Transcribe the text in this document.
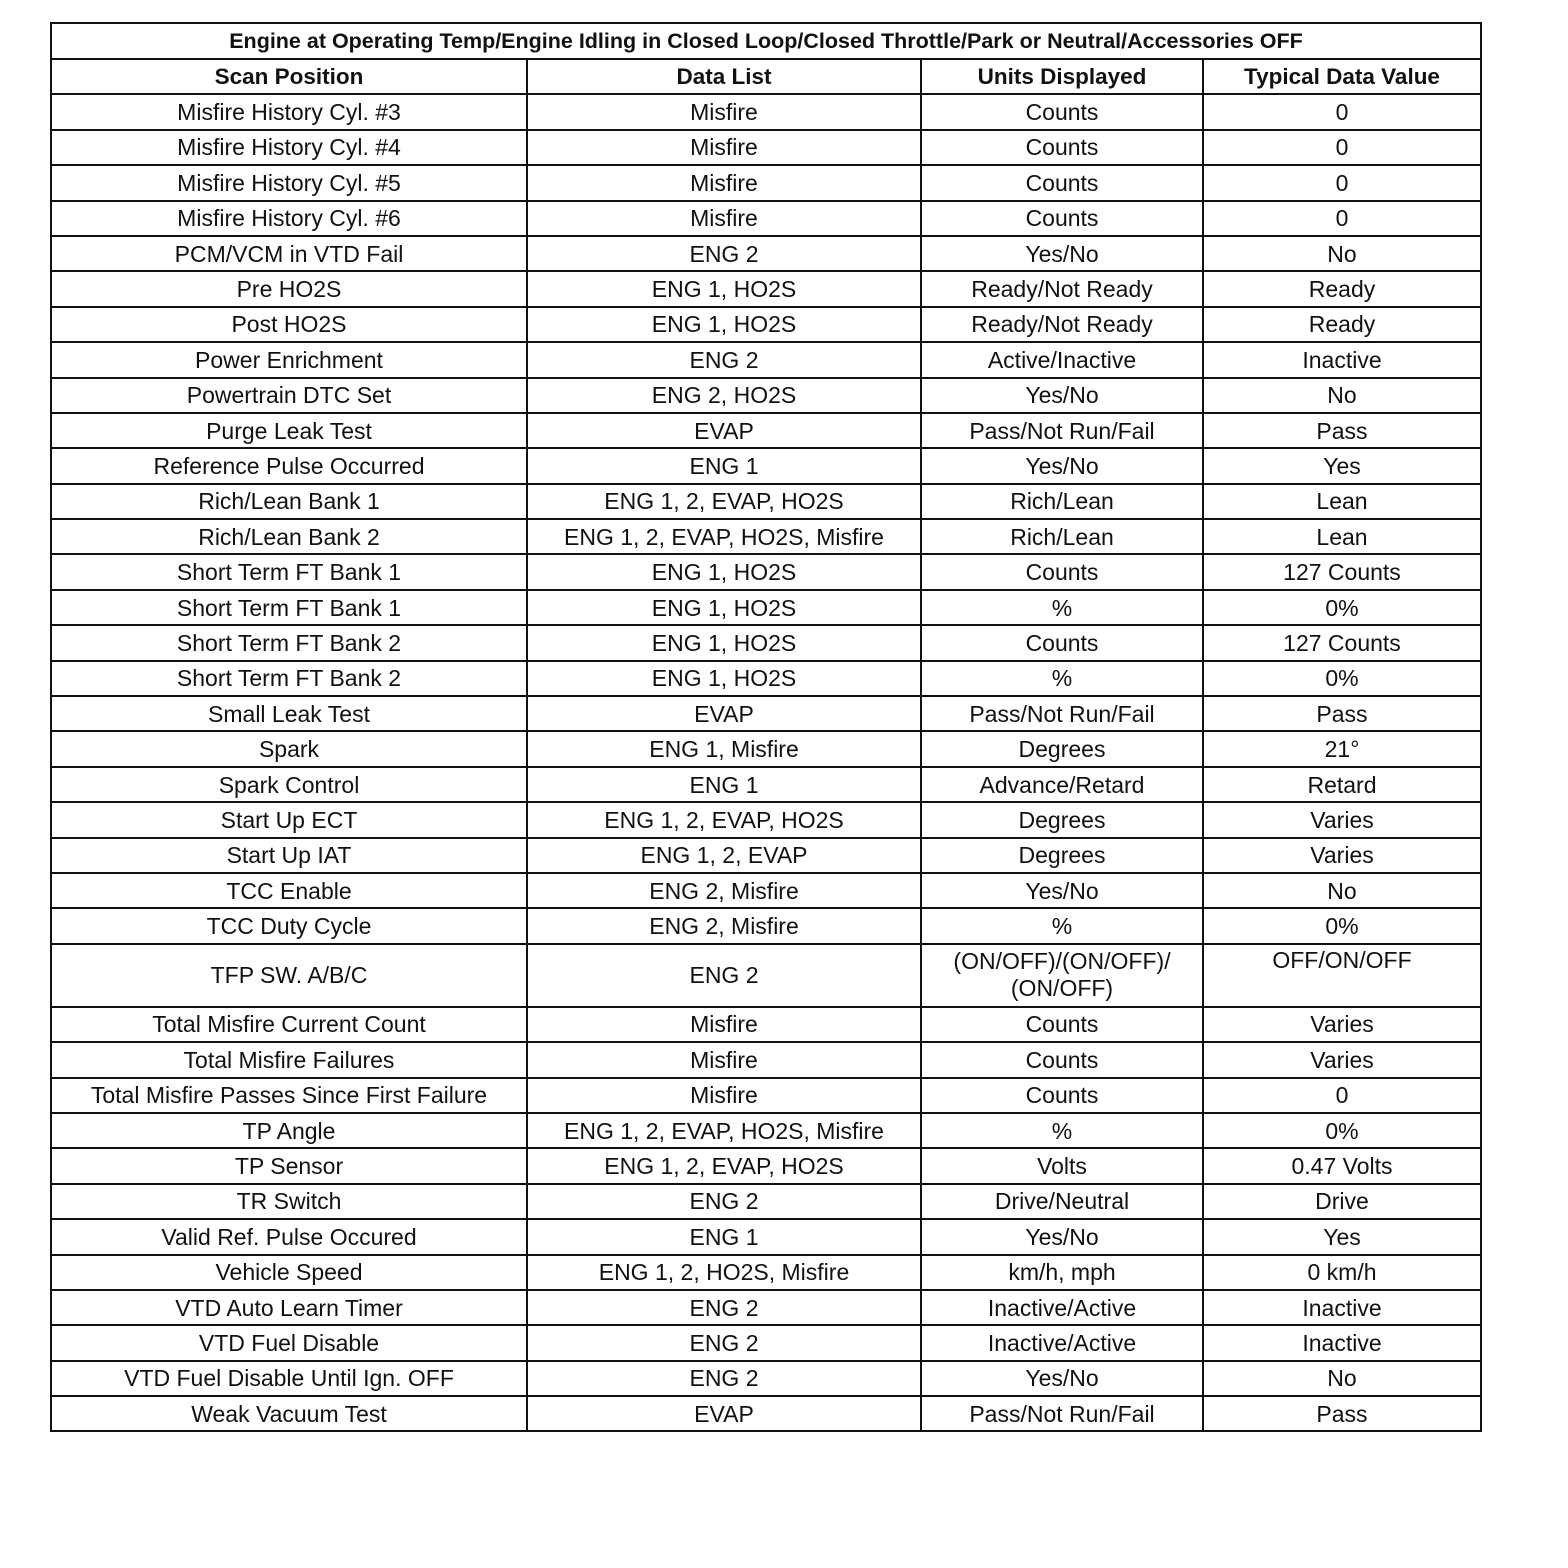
Engine at Operating Temp/Engine Idling in Closed Loop/Closed Throttle/Park or Neutral/Accessories OFF			
Scan Position	Data List	Units Displayed	Typical Data Value
Misfire History Cyl. #3	Misfire	Counts	0
Misfire History Cyl. #4	Misfire	Counts	0
Misfire History Cyl. #5	Misfire	Counts	0
Misfire History Cyl. #6	Misfire	Counts	0
PCM/VCM in VTD Fail	ENG 2	Yes/No	No
Pre HO2S	ENG 1, HO2S	Ready/Not Ready	Ready
Post HO2S	ENG 1, HO2S	Ready/Not Ready	Ready
Power Enrichment	ENG 2	Active/Inactive	Inactive
Powertrain DTC Set	ENG 2, HO2S	Yes/No	No
Purge Leak Test	EVAP	Pass/Not Run/Fail	Pass
Reference Pulse Occurred	ENG 1	Yes/No	Yes
Rich/Lean Bank 1	ENG 1, 2, EVAP, HO2S	Rich/Lean	Lean
Rich/Lean Bank 2	ENG 1, 2, EVAP, HO2S, Misfire	Rich/Lean	Lean
Short Term FT Bank 1	ENG 1, HO2S	Counts	127 Counts
Short Term FT Bank 1	ENG 1, HO2S	%	0%
Short Term FT Bank 2	ENG 1, HO2S	Counts	127 Counts
Short Term FT Bank 2	ENG 1, HO2S	%	0%
Small Leak Test	EVAP	Pass/Not Run/Fail	Pass
Spark	ENG 1, Misfire	Degrees	21°
Spark Control	ENG 1	Advance/Retard	Retard
Start Up ECT	ENG 1, 2, EVAP, HO2S	Degrees	Varies
Start Up IAT	ENG 1, 2, EVAP	Degrees	Varies
TCC Enable	ENG 2, Misfire	Yes/No	No
TCC Duty Cycle	ENG 2, Misfire	%	0%
TFP SW. A/B/C	ENG 2	(ON/OFF)/(ON/OFF)/ (ON/OFF)	OFF/ON/OFF
Total Misfire Current Count	Misfire	Counts	Varies
Total Misfire Failures	Misfire	Counts	Varies
Total Misfire Passes Since First Failure	Misfire	Counts	0
TP Angle	ENG 1, 2, EVAP, HO2S, Misfire	%	0%
TP Sensor	ENG 1, 2, EVAP, HO2S	Volts	0.47 Volts
TR Switch	ENG 2	Drive/Neutral	Drive
Valid Ref. Pulse Occured	ENG 1	Yes/No	Yes
Vehicle Speed	ENG 1, 2, HO2S, Misfire	km/h, mph	0 km/h
VTD Auto Learn Timer	ENG 2	Inactive/Active	Inactive
VTD Fuel Disable	ENG 2	Inactive/Active	Inactive
VTD Fuel Disable Until Ign. OFF	ENG 2	Yes/No	No
Weak Vacuum Test	EVAP	Pass/Not Run/Fail	Pass
